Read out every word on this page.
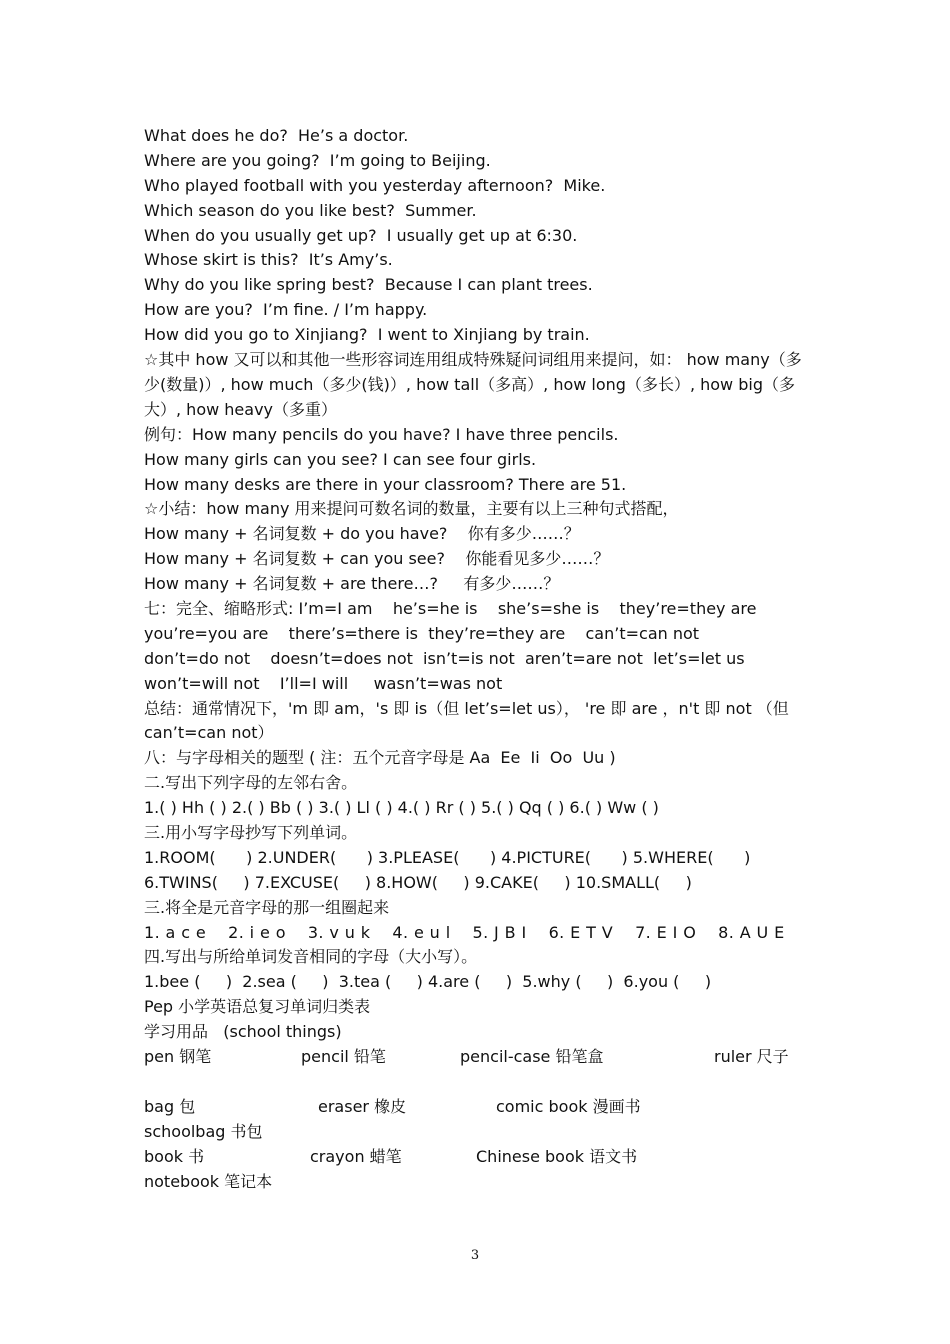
What does he do?  He’s a doctor.
Where are you going?  I’m going to Beijing.
Who played football with you yesterday afternoon?  Mike.
Which season do you like best?  Summer.
When do you usually get up?  I usually get up at 6:30.
Whose skirt is this?  It’s Amy’s.
Why do you like spring best?  Because I can plant trees.
How are you?  I’m fine. / I’m happy.
How did you go to Xinjiang?  I went to Xinjiang by train.
☆其中 how 又可以和其他一些形容词连用组成特殊疑问词组用来提问，如： how many（多少(数量)）, how much（多少(钱)）, how tall（多高）, how long（多长）, how big（多大）, how heavy（多重）
例句：How many pencils do you have? I have three pencils.
How many girls can you see? I can see four girls.
How many desks are there in your classroom? There are 51.
☆小结：how many 用来提问可数名词的数量，主要有以上三种句式搭配，
How many + 名词复数 + do you have?    你有多少……？
How many + 名词复数 + can you see?    你能看见多少……？
How many + 名词复数 + are there…?     有多少……？
七：完全、缩略形式: I’m=I am    he’s=he is    she’s=she is    they’re=they are
you’re=you are    there’s=there is  they’re=they are    can’t=can not
don’t=do not    doesn’t=does not  isn’t=is not  aren’t=are not  let’s=let us
won’t=will not    I’ll=I will     wasn’t=was not
总结：通常情况下，'m 即 am，'s 即 is（但 let’s=let us）， 're 即 are ，n't 即 not （但 can’t=can not）
八：与字母相关的题型 ( 注：五个元音字母是 Aa  Ee  Ii  Oo  Uu )
二.写出下列字母的左邻右舍。
1.( ) Hh ( ) 2.( ) Bb ( ) 3.( ) Ll ( ) 4.( ) Rr ( ) 5.( ) Qq ( ) 6.( ) Ww ( )
三.用小写字母抄写下列单词。
1.ROOM(      ) 2.UNDER(      ) 3.PLEASE(      ) 4.PICTURE(      ) 5.WHERE(      )
6.TWINS(     ) 7.EXCUSE(     ) 8.HOW(     ) 9.CAKE(     ) 10.SMALL(     )
三.将全是元音字母的那一组圈起来
1. a c e    2. i e o    3. v u k    4. e u l    5. J B I    6. E T V    7. E I O    8. A U E
四.写出与所给单词发音相同的字母（大小写）。
1.bee (     )  2.sea (     )  3.tea (     ) 4.are (     )  5.why (     )  6.you (     )
Pep 小学英语总复习单词归类表
学习用品   (school things)
pen 钢笔	pencil 铅笔	pencil-case 铅笔盒	ruler 尺子
bag 包	eraser 橡皮	comic book 漫画书
schoolbag 书包
book 书	crayon 蜡笔	Chinese book 语文书
notebook 笔记本
3
